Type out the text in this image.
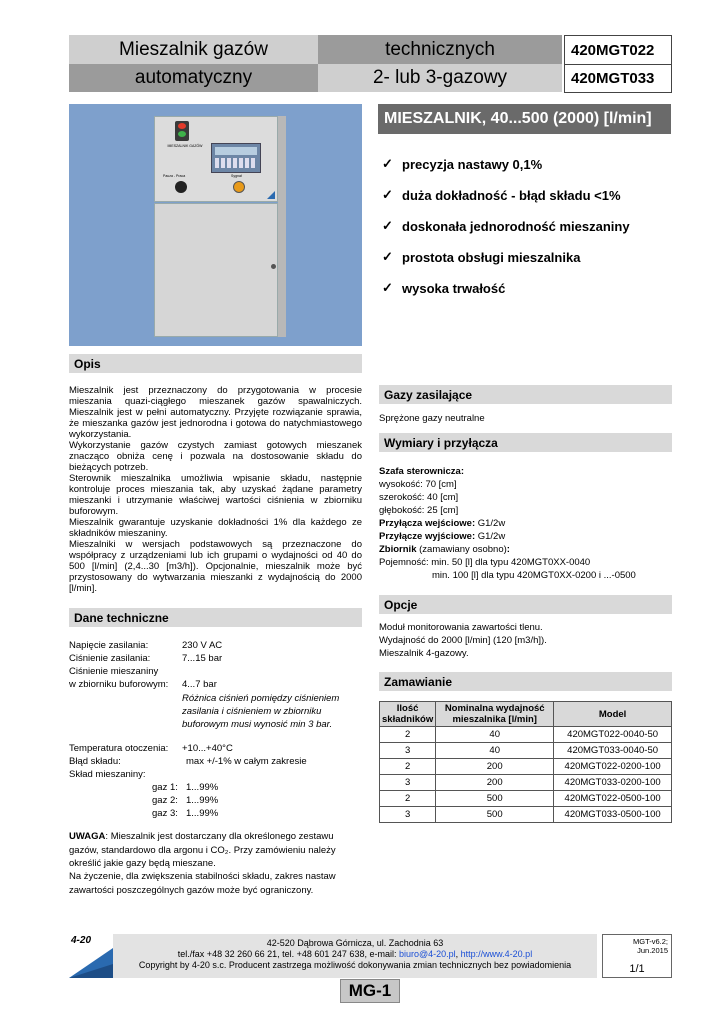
Mieszalnik gazów	technicznych
automatyczny	2- lub 3-gazowy
420MGT022
420MGT033
MIESZALNIK GAZÓW
Pauza - Praca	Sygnał
MIESZALNIK, 40...500 (2000) [l/min]
✓ precyzja nastawy 0,1%
✓ duża dokładność - błąd składu <1%
✓ doskonała jednorodność mieszaniny
✓ prostota obsługi mieszalnika
✓ wysoka trwałość
Opis
Mieszalnik jest przeznaczony do przygotowania w procesie mieszania quazi-ciągłego mieszanek gazów spawalniczych. Mieszalnik jest w pełni automatyczny. Przyjęte rozwiązanie sprawia, że mieszanka gazów jest jednorodna i gotowa do natychmiastowego wykorzystania.
Wykorzystanie gazów czystych zamiast gotowych mieszanek znacząco obniża cenę i pozwala na dostosowanie składu do bieżących potrzeb.
Sterownik mieszalnika umożliwia wpisanie składu, następnie kontroluje proces mieszania tak, aby uzyskać żądane parametry mieszanki i utrzymanie właściwej wartości ciśnienia w zbiorniku buforowym.
Mieszalnik gwarantuje uzyskanie dokładności 1% dla każdego ze składników mieszaniny.
Mieszalniki w wersjach podstawowych są przeznaczone do współpracy z urządzeniami lub ich grupami o wydajności od 40 do 500 [l/min] (2,4...30 [m3/h]). Opcjonalnie, mieszalnik może być przystosowany do wytwarzania mieszanki z wydajnością do 2000 [l/min].
Dane techniczne
Napięcie zasilania:	230 V AC
Ciśnienie zasilania:	7...15 bar
Ciśnienie mieszaniny
w zbiorniku buforowym: 4...7 bar
Różnica ciśnień pomiędzy ciśnieniem zasilania i ciśnieniem w zbiorniku buforowym musi wynosić min 3 bar.
Temperatura otoczenia: +10...+40°C
Błąd składu:	max +/-1% w całym zakresie
Skład mieszaniny:
gaz 1: 1...99%
gaz 2: 1...99%
gaz 3: 1...99%
UWAGA: Mieszalnik jest dostarczany dla określonego zestawu gazów, standardowo dla argonu i CO₂. Przy zamówieniu należy określić jakie gazy będą mieszane.
Na życzenie, dla zwiększenia stabilności składu, zakres nastaw zawartości poszczególnych gazów może być ograniczony.
Gazy zasilające
Sprężone gazy neutralne
Wymiary i przyłącza
Szafa sterownicza:
wysokość: 70 [cm]
szerokość: 40 [cm]
głębokość: 25 [cm]
Przyłącza wejściowe: G1/2w
Przyłącze wyjściowe: G1/2w
Zbiornik (zamawiany osobno):
Pojemność: min. 50 [l] dla typu 420MGT0XX-0040
min. 100 [l] dla typu 420MGT0XX-0200 i ...-0500
Opcje
Moduł monitorowania zawartości tlenu.
Wydajność do 2000 [l/min] (120 [m3/h]).
Mieszalnik 4-gazowy.
Zamawianie
Ilość składników	Nominalna wydajność mieszalnika [l/min]	Model
2	40	420MGT022-0040-50
3	40	420MGT033-0040-50
2	200	420MGT022-0200-100
3	200	420MGT033-0200-100
2	500	420MGT022-0500-100
3	500	420MGT033-0500-100
4-20	42-520 Dąbrowa Górnicza, ul. Zachodnia 63
tel./fax +48 32 260 66 21, tel. +48 601 247 638, e-mail: biuro@4-20.pl, http://www.4-20.pl
Copyright by 4-20 s.c. Producent zastrzega możliwość dokonywania zmian technicznych bez powiadomienia
MGT-v6.2;
Jun.2015
1/1
MG-1
